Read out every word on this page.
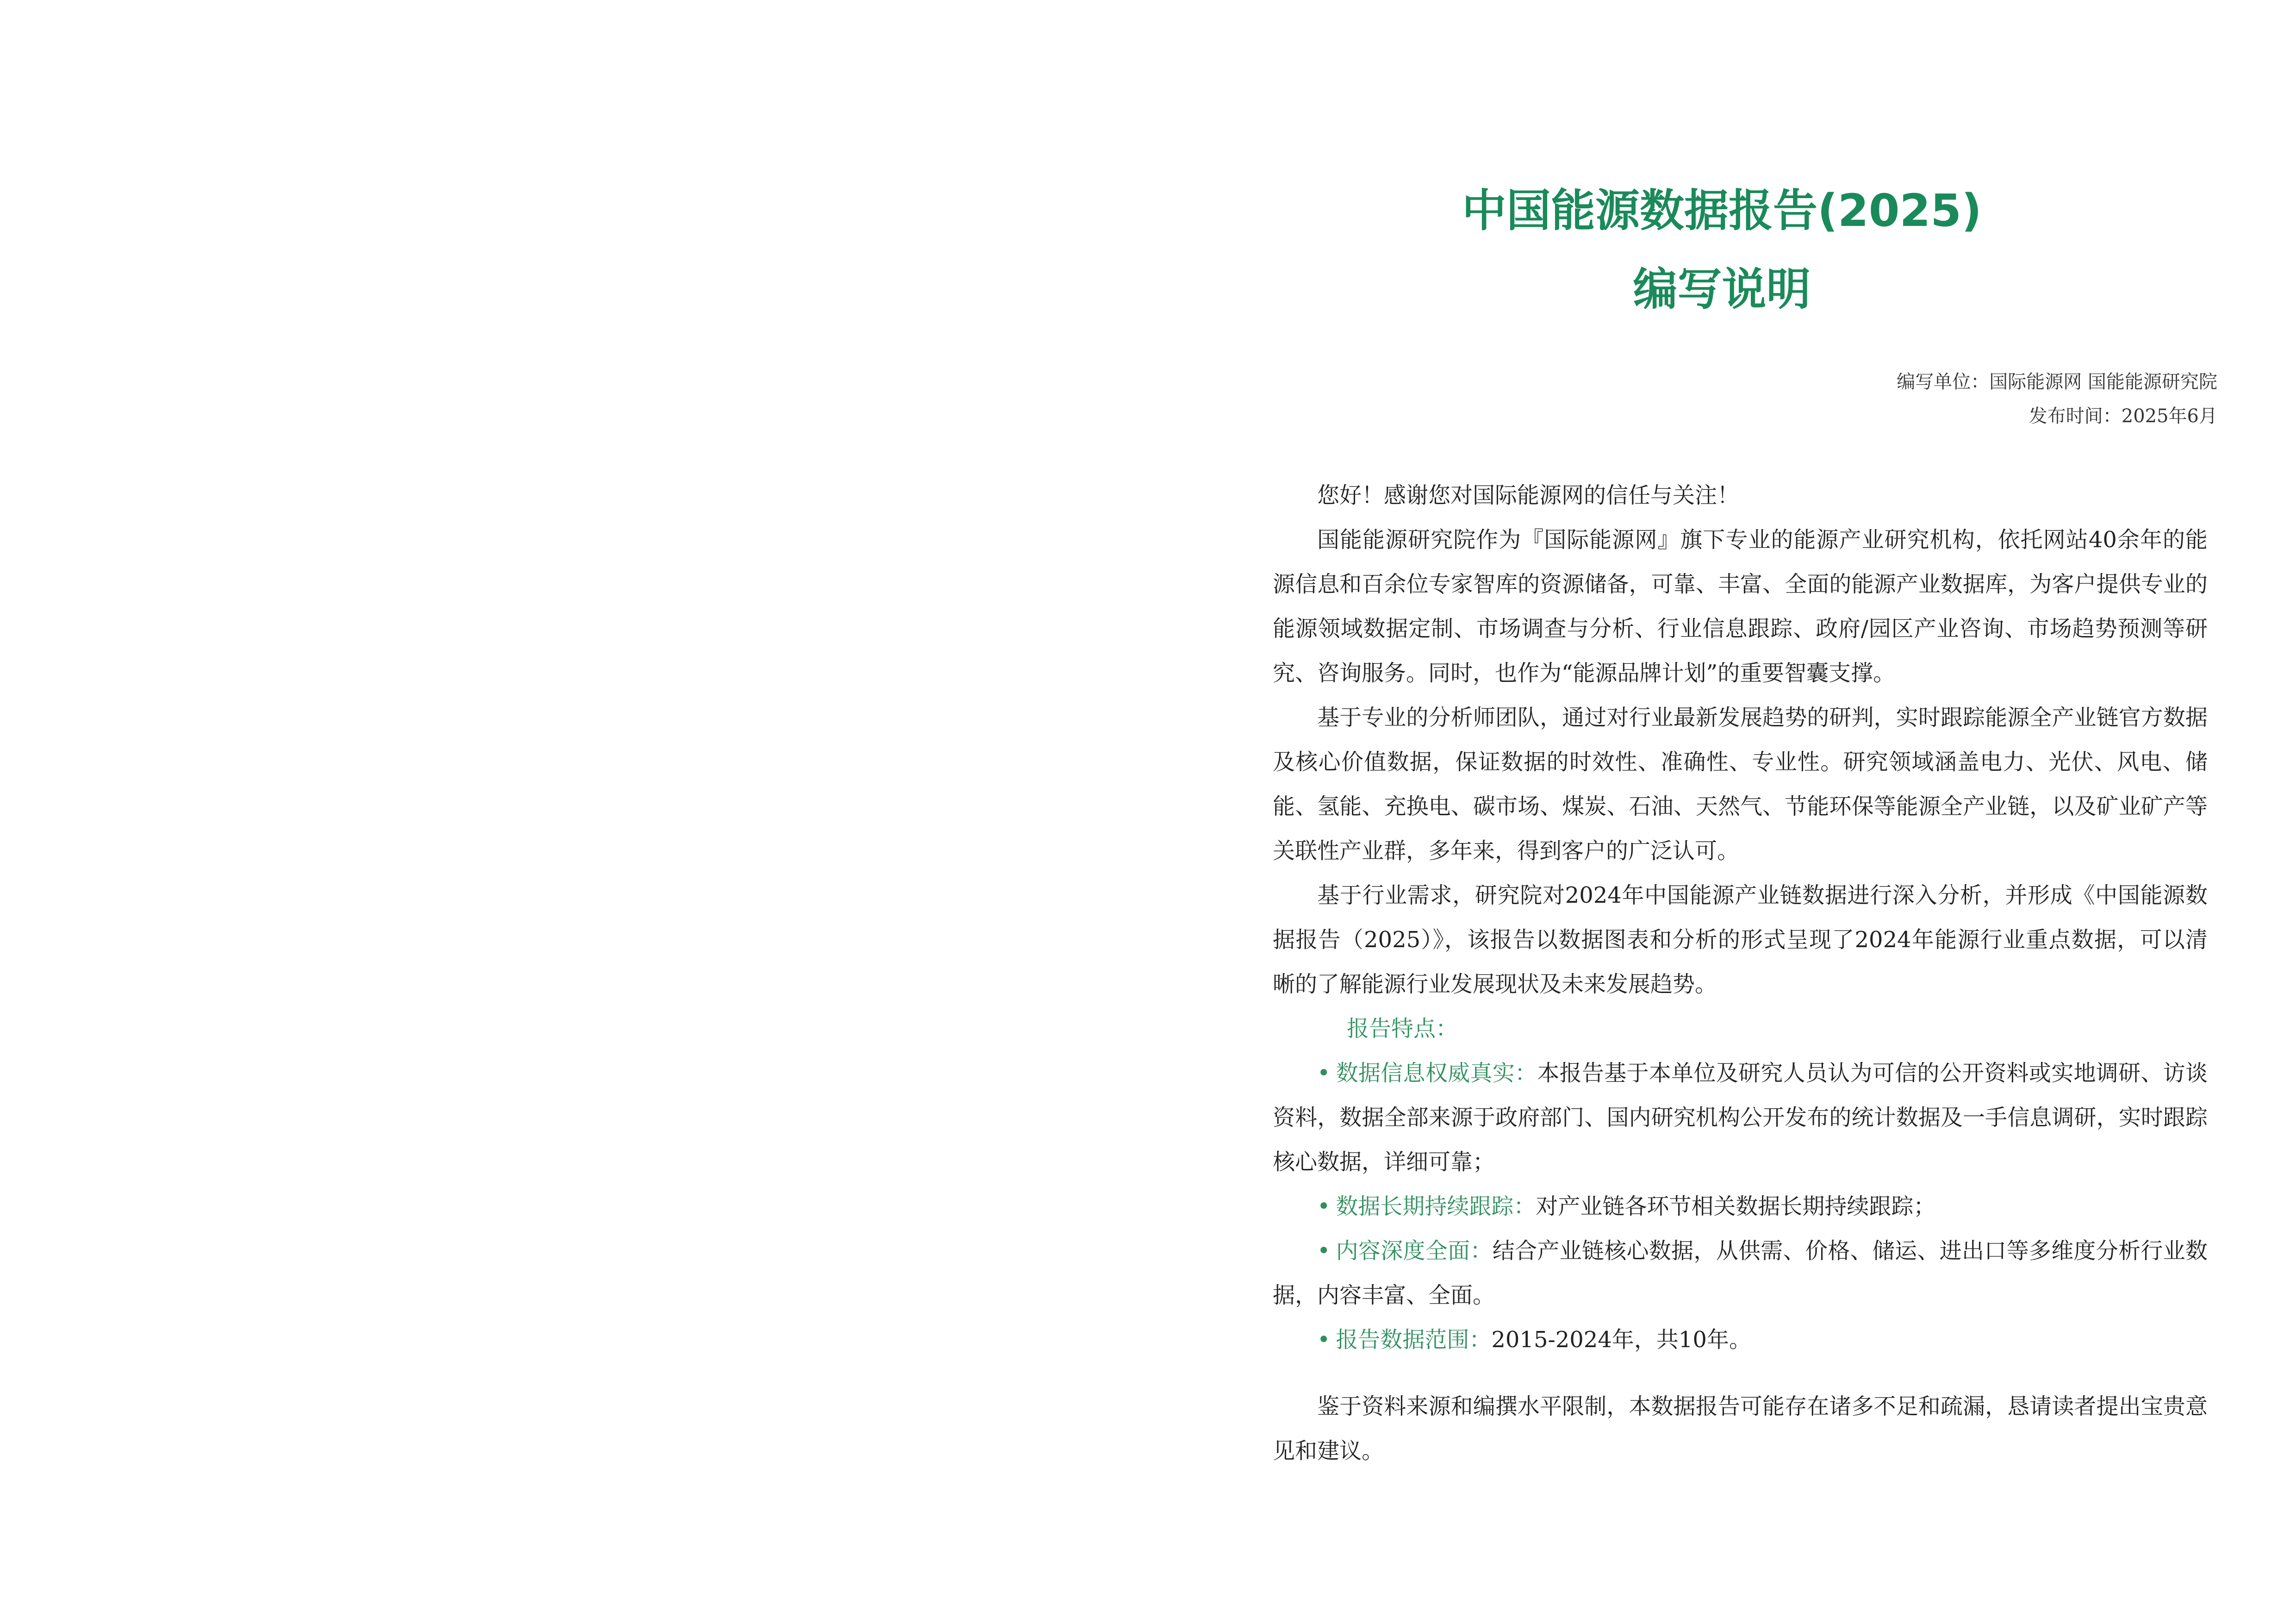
中国能源数据报告(2025)

编写说明

编写单位：国际能源网 国能能源研究院
发布时间：2025年6月

您好！感谢您对国际能源网的信任与关注！

国能能源研究院作为『国际能源网』旗下专业的能源产业研究机构，依托网站40余年的能源信息和百余位专家智库的资源储备，可靠、丰富、全面的能源产业数据库，为客户提供专业的能源领域数据定制、市场调查与分析、行业信息跟踪、政府/园区产业咨询、市场趋势预测等研究、咨询服务。同时，也作为“能源品牌计划”的重要智囊支撑。

基于专业的分析师团队，通过对行业最新发展趋势的研判，实时跟踪能源全产业链官方数据及核心价值数据，保证数据的时效性、准确性、专业性。研究领域涵盖电力、光伏、风电、储能、氢能、充换电、碳市场、煤炭、石油、天然气、节能环保等能源全产业链，以及矿业矿产等关联性产业群，多年来，得到客户的广泛认可。

基于行业需求，研究院对2024年中国能源产业链数据进行深入分析，并形成《中国能源数据报告（2025）》，该报告以数据图表和分析的形式呈现了2024年能源行业重点数据，可以清晰的了解能源行业发展现状及未来发展趋势。

报告特点：

• 数据信息权威真实：本报告基于本单位及研究人员认为可信的公开资料或实地调研、访谈资料，数据全部来源于政府部门、国内研究机构公开发布的统计数据及一手信息调研，实时跟踪核心数据，详细可靠；

• 数据长期持续跟踪：对产业链各环节相关数据长期持续跟踪；

• 内容深度全面：结合产业链核心数据，从供需、价格、储运、进出口等多维度分析行业数据，内容丰富、全面。

• 报告数据范围：2015-2024年，共10年。

鉴于资料来源和编撰水平限制，本数据报告可能存在诸多不足和疏漏，恳请读者提出宝贵意见和建议。
